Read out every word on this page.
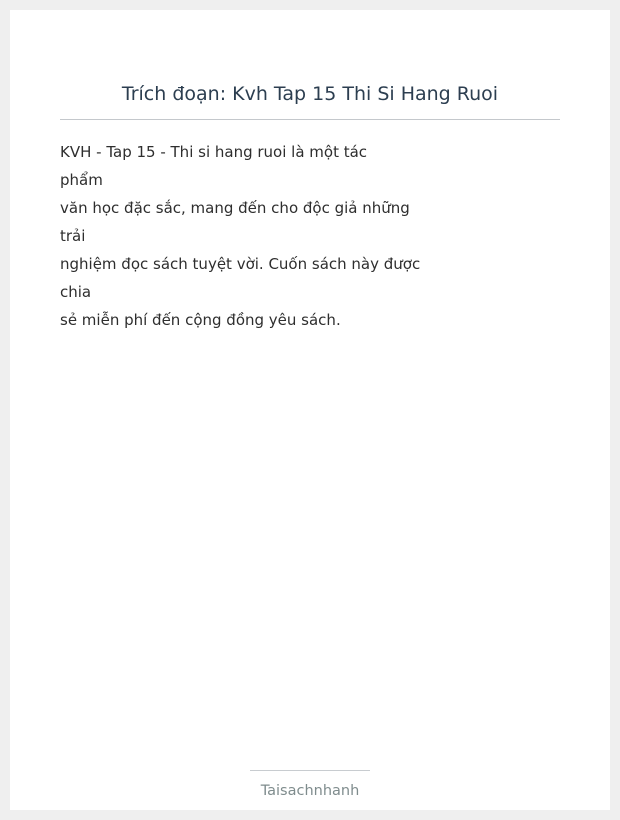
Trích đoạn: Kvh Tap 15 Thi Si Hang Ruoi
KVH - Tap 15 - Thi si hang ruoi là một tác
phẩm
văn học đặc sắc, mang đến cho độc giả những
trải
nghiệm đọc sách tuyệt vời. Cuốn sách này được
chia
sẻ miễn phí đến cộng đồng yêu sách.
Taisachnhanh
